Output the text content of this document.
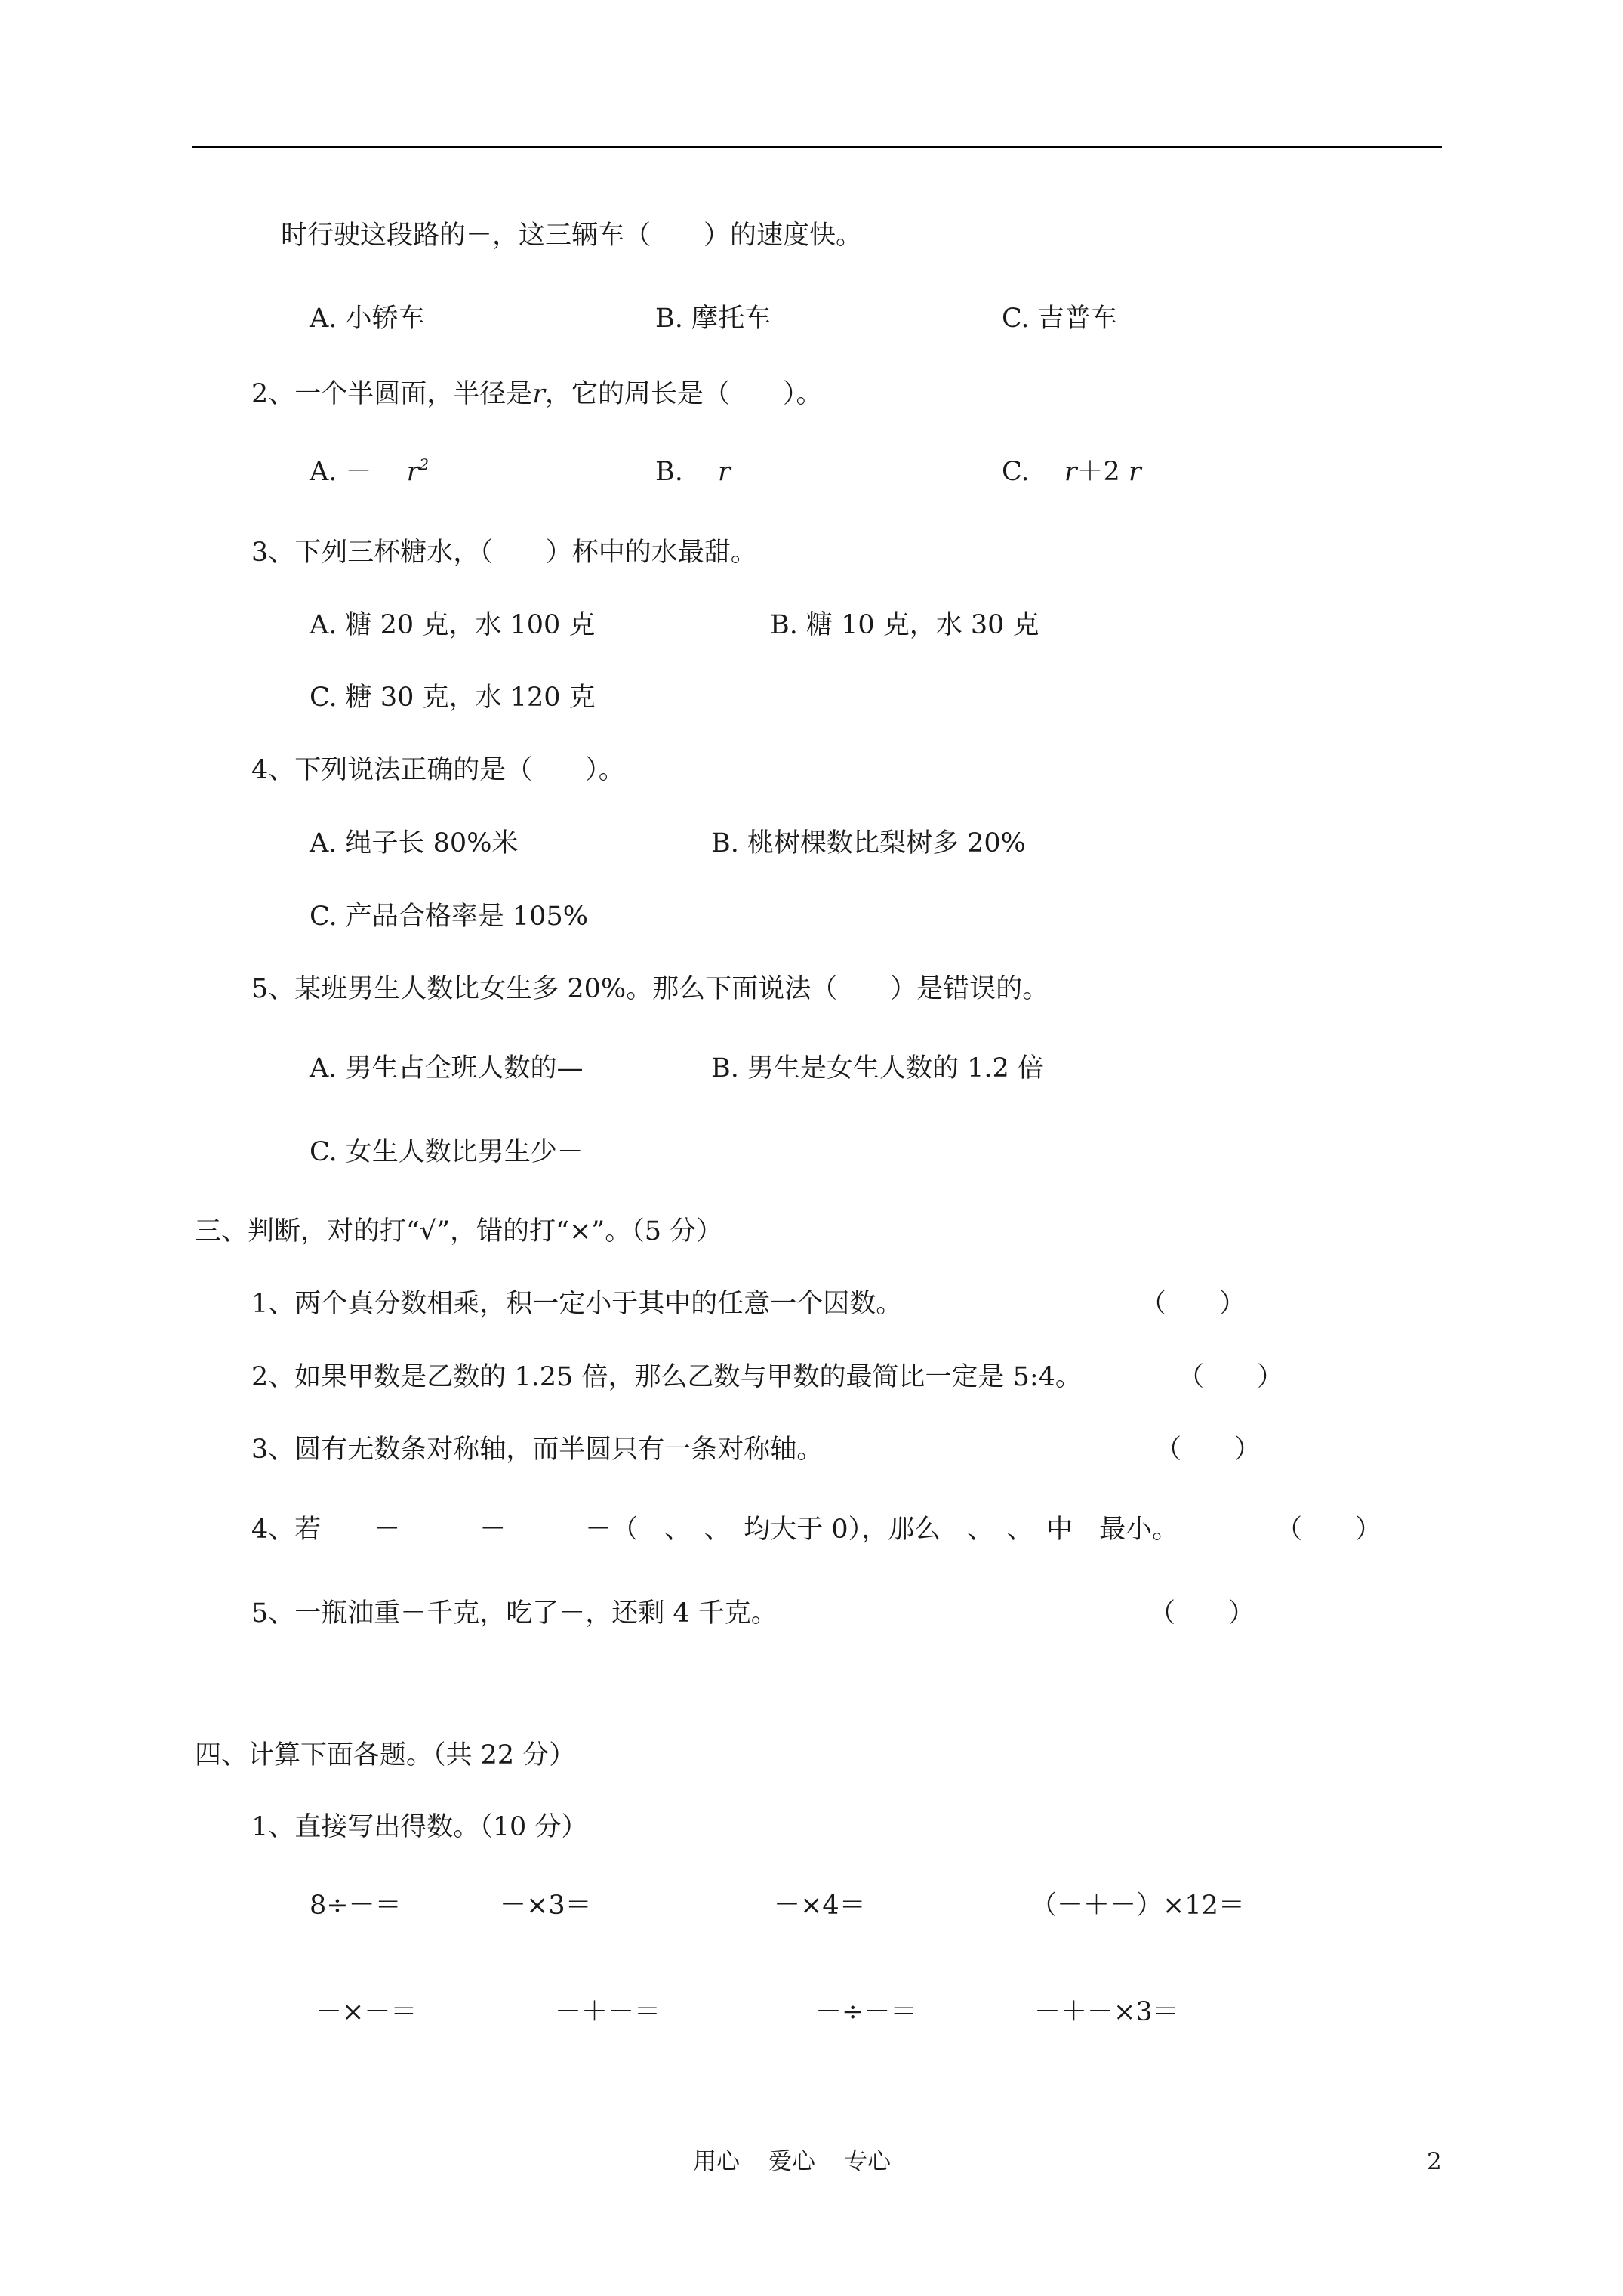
时行驶这段路的－，这三辆车（　　）的速度快。
A. 小轿车	B. 摩托车	C. 吉普车
2、一个半圆面，半径是r，它的周长是（　　）。
A. －　 $r^2$	B.　 r	C.　 r＋2 r
3、下列三杯糖水，（　　）杯中的水最甜。
A. 糖 20 克，水 100 克	B. 糖 10 克，水 30 克
C. 糖 30 克，水 120 克
4、下列说法正确的是（　　）。
A. 绳子长 80%米	B. 桃树棵数比梨树多 20%
C. 产品合格率是 105%
5、某班男生人数比女生多 20%。那么下面说法（　　）是错误的。
A. 男生占全班人数的—	B. 男生是女生人数的 1.2 倍
C. 女生人数比男生少－
三、判断，对的打“√”，错的打“×”。（5 分）
1、两个真分数相乘，积一定小于其中的任意一个因数。	（　　）
2、如果甲数是乙数的 1.25 倍，那么乙数与甲数的最简比一定是 5:4。	（　　）
3、圆有无数条对称轴，而半圆只有一条对称轴。	（　　）
4、若　　－　　　－　　　－（　、　、　均大于 0），那么　、　、　中　最小。	（　　）
5、一瓶油重－千克，吃了－，还剩 4 千克。	（　　）
四、计算下面各题。（共 22 分）
1、直接写出得数。（10 分）
8÷－＝	－×3＝	－×4＝	（－＋－）×12＝
－×－＝	－＋－＝	－÷－＝	－＋－×3＝
用心 爱心 专心	2
